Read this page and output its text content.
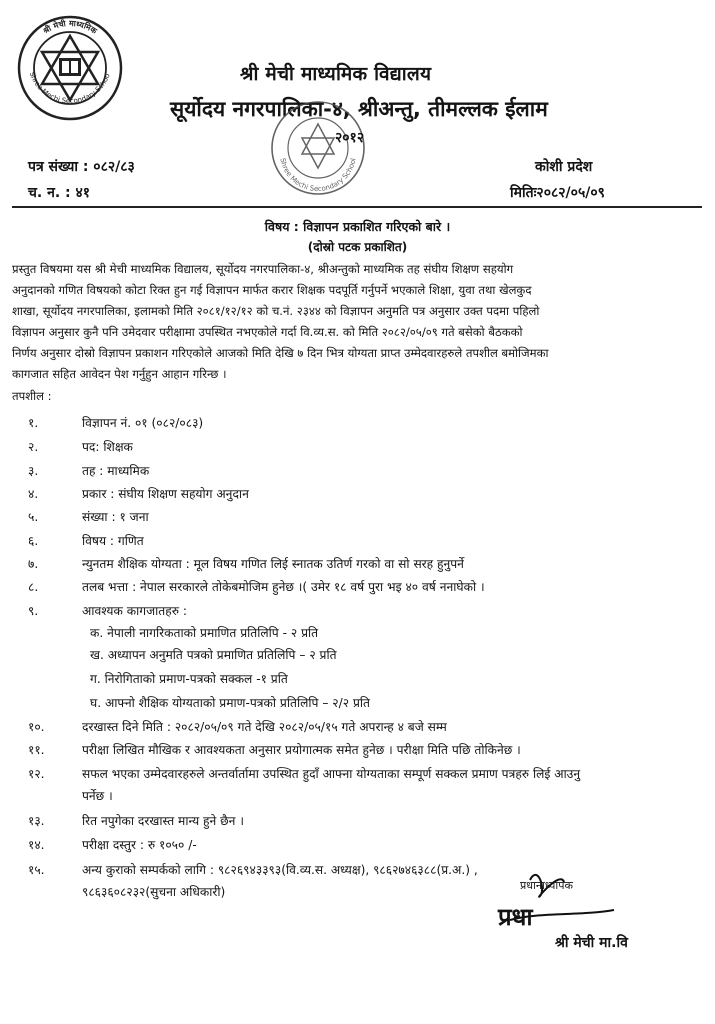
श्री मेची माध्यमिक
Shree Mechi Secondary Schoo	श्री मेची माध्यमिक विद्यालय
सूर्योदय नगरपालिका-४, श्रीअन्तु, तीमल्लक ईलाम
Shree Mechi Secondary School
२०१२
पत्र संख्या : ०८२/८३	कोशी प्रदेश
च. न. : ४१	मितिः२०८२/०५/०९
विषय : विज्ञापन प्रकाशित गरिएको बारे ।
(दोस्रो पटक प्रकाशित)
प्रस्तुत विषयमा यस श्री मेची माध्यमिक विद्यालय, सूर्योदय नगरपालिका-४, श्रीअन्तुको माध्यमिक तह संघीय शिक्षण सहयोग
अनुदानको गणित विषयको कोटा रिक्त हुन गई विज्ञापन मार्फत करार शिक्षक पदपूर्ति गर्नुपर्ने भएकाले शिक्षा, युवा तथा खेलकुद
शाखा, सूर्योदय नगरपालिका, इलामको मिति २०८१/१२/१२ को च.नं. २३४४ को विज्ञापन अनुमति पत्र अनुसार उक्त पदमा पहिलो
विज्ञापन अनुसार कुनै पनि उमेदवार परीक्षामा उपस्थित नभएकोले गर्दा वि.व्य.स. को मिति २०८२/०५/०९ गते बसेको बैठकको
निर्णय अनुसार दोस्रो विज्ञापन प्रकाशन गरिएकोले आजको मिति देखि ७ दिन भित्र योग्यता प्राप्त उम्मेदवारहरुले तपशील बमोजिमका
कागजात सहित आवेदन पेश गर्नुहुन आहान गरिन्छ ।
तपशील :
१.	विज्ञापन नं. ०१ (०८२/०८३)
२.	पद: शिक्षक
३.	तह : माध्यमिक
४.	प्रकार : संघीय शिक्षण सहयोग अनुदान
५.	संख्या : १ जना
६.	विषय : गणित
७.	न्युनतम शैक्षिक योग्यता : मूल विषय गणित लिई स्नातक उतिर्ण गरको वा सो सरह हुनुपर्ने
८.	तलब भत्ता : नेपाल सरकारले तोकेबमोजिम हुनेछ ।( उमेर १८ वर्ष पुरा भइ ४० वर्ष ननाघेको ।
९.	आवश्यक कागजातहरु :
क. नेपाली नागरिकताको प्रमाणित प्रतिलिपि - २ प्रति
ख. अध्यापन अनुमति पत्रको प्रमाणित प्रतिलिपि – २ प्रति
ग. निरोगिताको प्रमाण-पत्रको सक्कल -१ प्रति
घ. आफ्नो शैक्षिक योग्यताको प्रमाण-पत्रको प्रतिलिपि – २/२ प्रति
१०.	दरखास्त दिने मिति : २०८२/०५/०९ गते देखि २०८२/०५/१५ गते अपरान्ह ४ बजे सम्म
११.	परीक्षा लिखित मौखिक र आवश्यकता अनुसार प्रयोगात्मक समेत हुनेछ । परीक्षा मिति पछि तोकिनेछ ।
१२.	सफल भएका उम्मेदवारहरुले अन्तर्वार्तामा उपस्थित हुदाँ आफ्ना योग्यताका सम्पूर्ण सक्कल प्रमाण पत्रहरु लिई आउनु
पर्नेछ ।
१३.	रित नपुगेका दरखास्त मान्य हुने छैन ।
१४.	परीक्षा दस्तुर : रु १०५० /-
१५.	अन्य कुराको सम्पर्कको लागि : ९८२६९४३३९३(वि.व्य.स. अध्यक्ष), ९८६२७४६३८८(प्र.अ.) ,
९८६३६०८२३२(सुचना अधिकारी)	प्रधानाध्यापक
प्रधा
श्री मेची मा.वि
